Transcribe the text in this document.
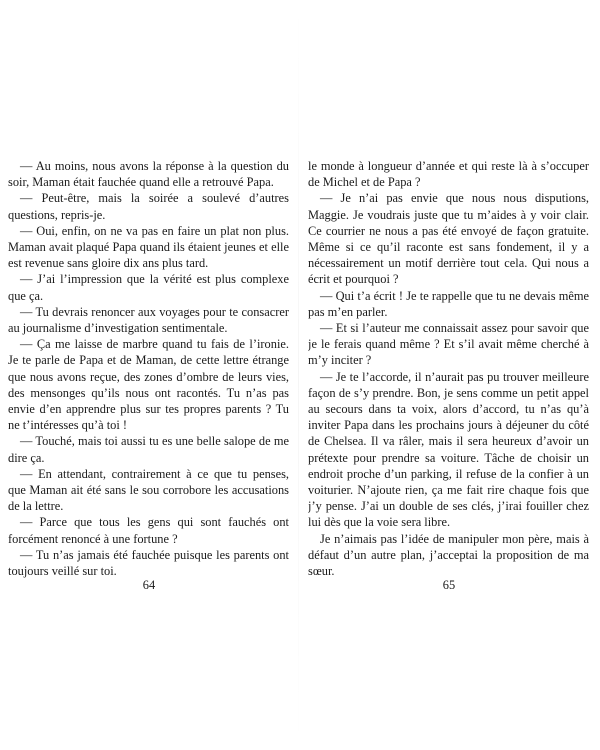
— Au moins, nous avons la réponse à la question du soir, Maman était fauchée quand elle a retrouvé Papa.

— Peut-être, mais la soirée a soulevé d’autres questions, repris-je.

— Oui, enfin, on ne va pas en faire un plat non plus. Maman avait plaqué Papa quand ils étaient jeunes et elle est revenue sans gloire dix ans plus tard.

— J’ai l’impression que la vérité est plus complexe que ça.

— Tu devrais renoncer aux voyages pour te consacrer au journalisme d’investigation sentimentale.

— Ça me laisse de marbre quand tu fais de l’ironie. Je te parle de Papa et de Maman, de cette lettre étrange que nous avons reçue, des zones d’ombre de leurs vies, des mensonges qu’ils nous ont racontés. Tu n’as pas envie d’en apprendre plus sur tes propres parents ? Tu ne t’intéresses qu’à toi !

— Touché, mais toi aussi tu es une belle salope de me dire ça.

— En attendant, contrairement à ce que tu penses, que Maman ait été sans le sou corrobore les accusations de la lettre.

— Parce que tous les gens qui sont fauchés ont forcément renoncé à une fortune ?

— Tu n’as jamais été fauchée puisque les parents ont toujours veillé sur toi.

64

le monde à longueur d’année et qui reste là à s’occuper de Michel et de Papa ?

— Je n’ai pas envie que nous nous disputions, Maggie. Je voudrais juste que tu m’aides à y voir clair. Ce courrier ne nous a pas été envoyé de façon gratuite. Même si ce qu’il raconte est sans fondement, il y a nécessairement un motif derrière tout cela. Qui nous a écrit et pourquoi ?

— Qui t’a écrit ! Je te rappelle que tu ne devais même pas m’en parler.

— Et si l’auteur me connaissait assez pour savoir que je le ferais quand même ? Et s’il avait même cherché à m’y inciter ?

— Je te l’accorde, il n’aurait pas pu trouver meilleure façon de s’y prendre. Bon, je sens comme un petit appel au secours dans ta voix, alors d’accord, tu n’as qu’à inviter Papa dans les prochains jours à déjeuner du côté de Chelsea. Il va râler, mais il sera heureux d’avoir un prétexte pour prendre sa voiture. Tâche de choisir un endroit proche d’un parking, il refuse de la confier à un voiturier. N’ajoute rien, ça me fait rire chaque fois que j’y pense. J’ai un double de ses clés, j’irai fouiller chez lui dès que la voie sera libre.

Je n’aimais pas l’idée de manipuler mon père, mais à défaut d’un autre plan, j’acceptai la proposition de ma sœur.

65
